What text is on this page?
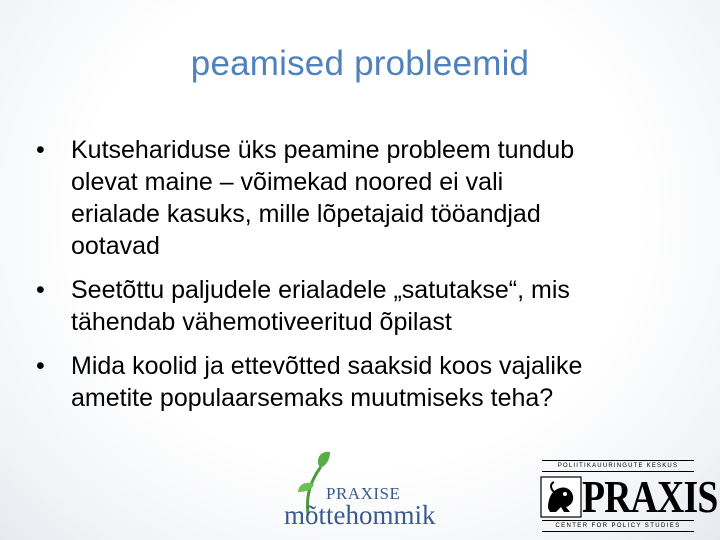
peamised probleemid
•	Kutsehariduse üks peamine probleem tundub
olevat maine – võimekad noored ei vali
erialade kasuks, mille lõpetajaid tööandjad
ootavad
•	Seetõttu paljudele erialadele „satutakse“, mis
tähendab vähemotiveeritud õpilast
•	Mida koolid ja ettevõtted saaksid koos vajalike
ametite populaarsemaks muutmiseks teha?
PRAXISE
mõttehommik
POLIITIKAUURINGUTE KESKUS
PRAXIS
CENTER FOR POLICY STUDIES
